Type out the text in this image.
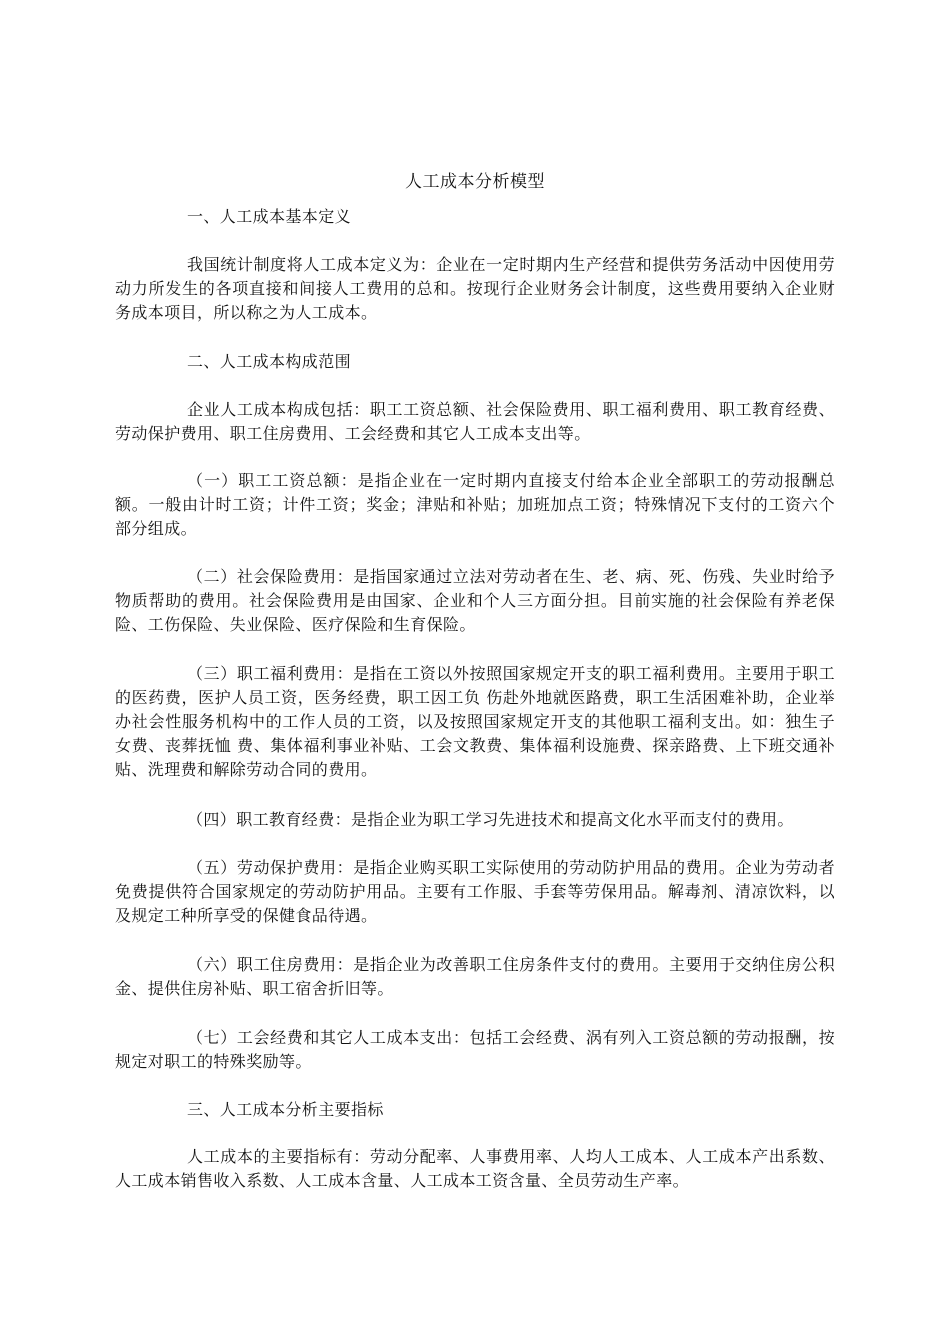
人工成本分析模型
一、人工成本基本定义
我国统计制度将人工成本定义为：企业在一定时期内生产经营和提供劳务活动中因使用劳动力所发生的各项直接和间接人工费用的总和。按现行企业财务会计制度，这些费用要纳入企业财务成本项目，所以称之为人工成本。
二、人工成本构成范围
企业人工成本构成包括：职工工资总额、社会保险费用、职工福利费用、职工教育经费、劳动保护费用、职工住房费用、工会经费和其它人工成本支出等。
（一）职工工资总额：是指企业在一定时期内直接支付给本企业全部职工的劳动报酬总额。一般由计时工资；计件工资；奖金；津贴和补贴；加班加点工资；特殊情况下支付的工资六个部分组成。
（二）社会保险费用：是指国家通过立法对劳动者在生、老、病、死、伤残、失业时给予物质帮助的费用。社会保险费用是由国家、企业和个人三方面分担。目前实施的社会保险有养老保险、工伤保险、失业保险、医疗保险和生育保险。
（三）职工福利费用：是指在工资以外按照国家规定开支的职工福利费用。主要用于职工的医药费，医护人员工资，医务经费，职工因工负 伤赴外地就医路费，职工生活困难补助，企业举办社会性服务机构中的工作人员的工资，以及按照国家规定开支的其他职工福利支出。如：独生子女费、丧葬抚恤 费、集体福利事业补贴、工会文教费、集体福利设施费、探亲路费、上下班交通补贴、洗理费和解除劳动合同的费用。
（四）职工教育经费：是指企业为职工学习先进技术和提高文化水平而支付的费用。
（五）劳动保护费用：是指企业购买职工实际使用的劳动防护用品的费用。企业为劳动者免费提供符合国家规定的劳动防护用品。主要有工作服、手套等劳保用品。解毒剂、清凉饮料，以及规定工种所享受的保健食品待遇。
（六）职工住房费用：是指企业为改善职工住房条件支付的费用。主要用于交纳住房公积金、提供住房补贴、职工宿舍折旧等。
（七）工会经费和其它人工成本支出：包括工会经费、涡有列入工资总额的劳动报酬，按规定对职工的特殊奖励等。
三、人工成本分析主要指标
人工成本的主要指标有：劳动分配率、人事费用率、人均人工成本、人工成本产出系数、人工成本销售收入系数、人工成本含量、人工成本工资含量、全员劳动生产率。
